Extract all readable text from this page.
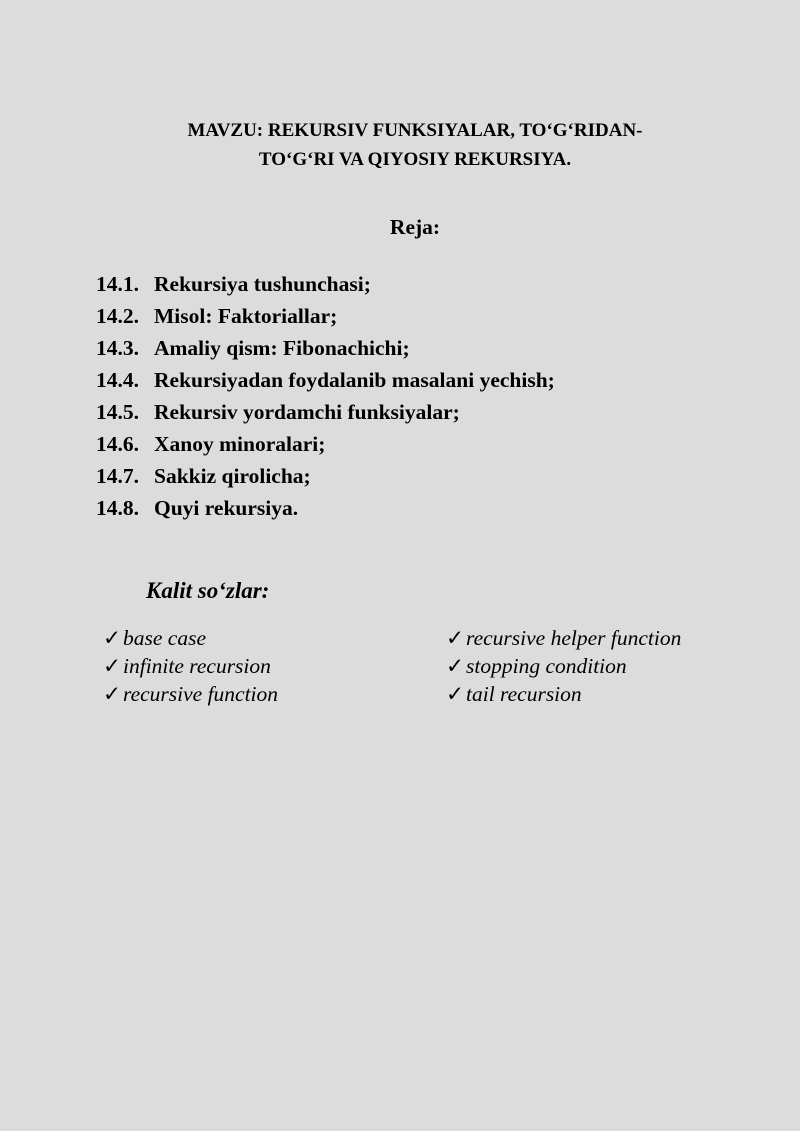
MAVZU: REKURSIV FUNKSIYALAR, TO‘G‘RIDAN-
TO‘G‘RI VA QIYOSIY REKURSIYA.
Reja:
14.1. Rekursiya tushunchasi;
14.2. Misol: Faktoriallar;
14.3. Amaliy qism: Fibonachichi;
14.4. Rekursiyadan foydalanib masalani yechish;
14.5. Rekursiv yordamchi funksiyalar;
14.6. Xanoy minoralari;
14.7. Sakkiz qirolicha;
14.8. Quyi rekursiya.
Kalit so‘zlar:
✓base case
✓infinite recursion
✓recursive function
✓recursive helper function
✓stopping condition
✓tail recursion
